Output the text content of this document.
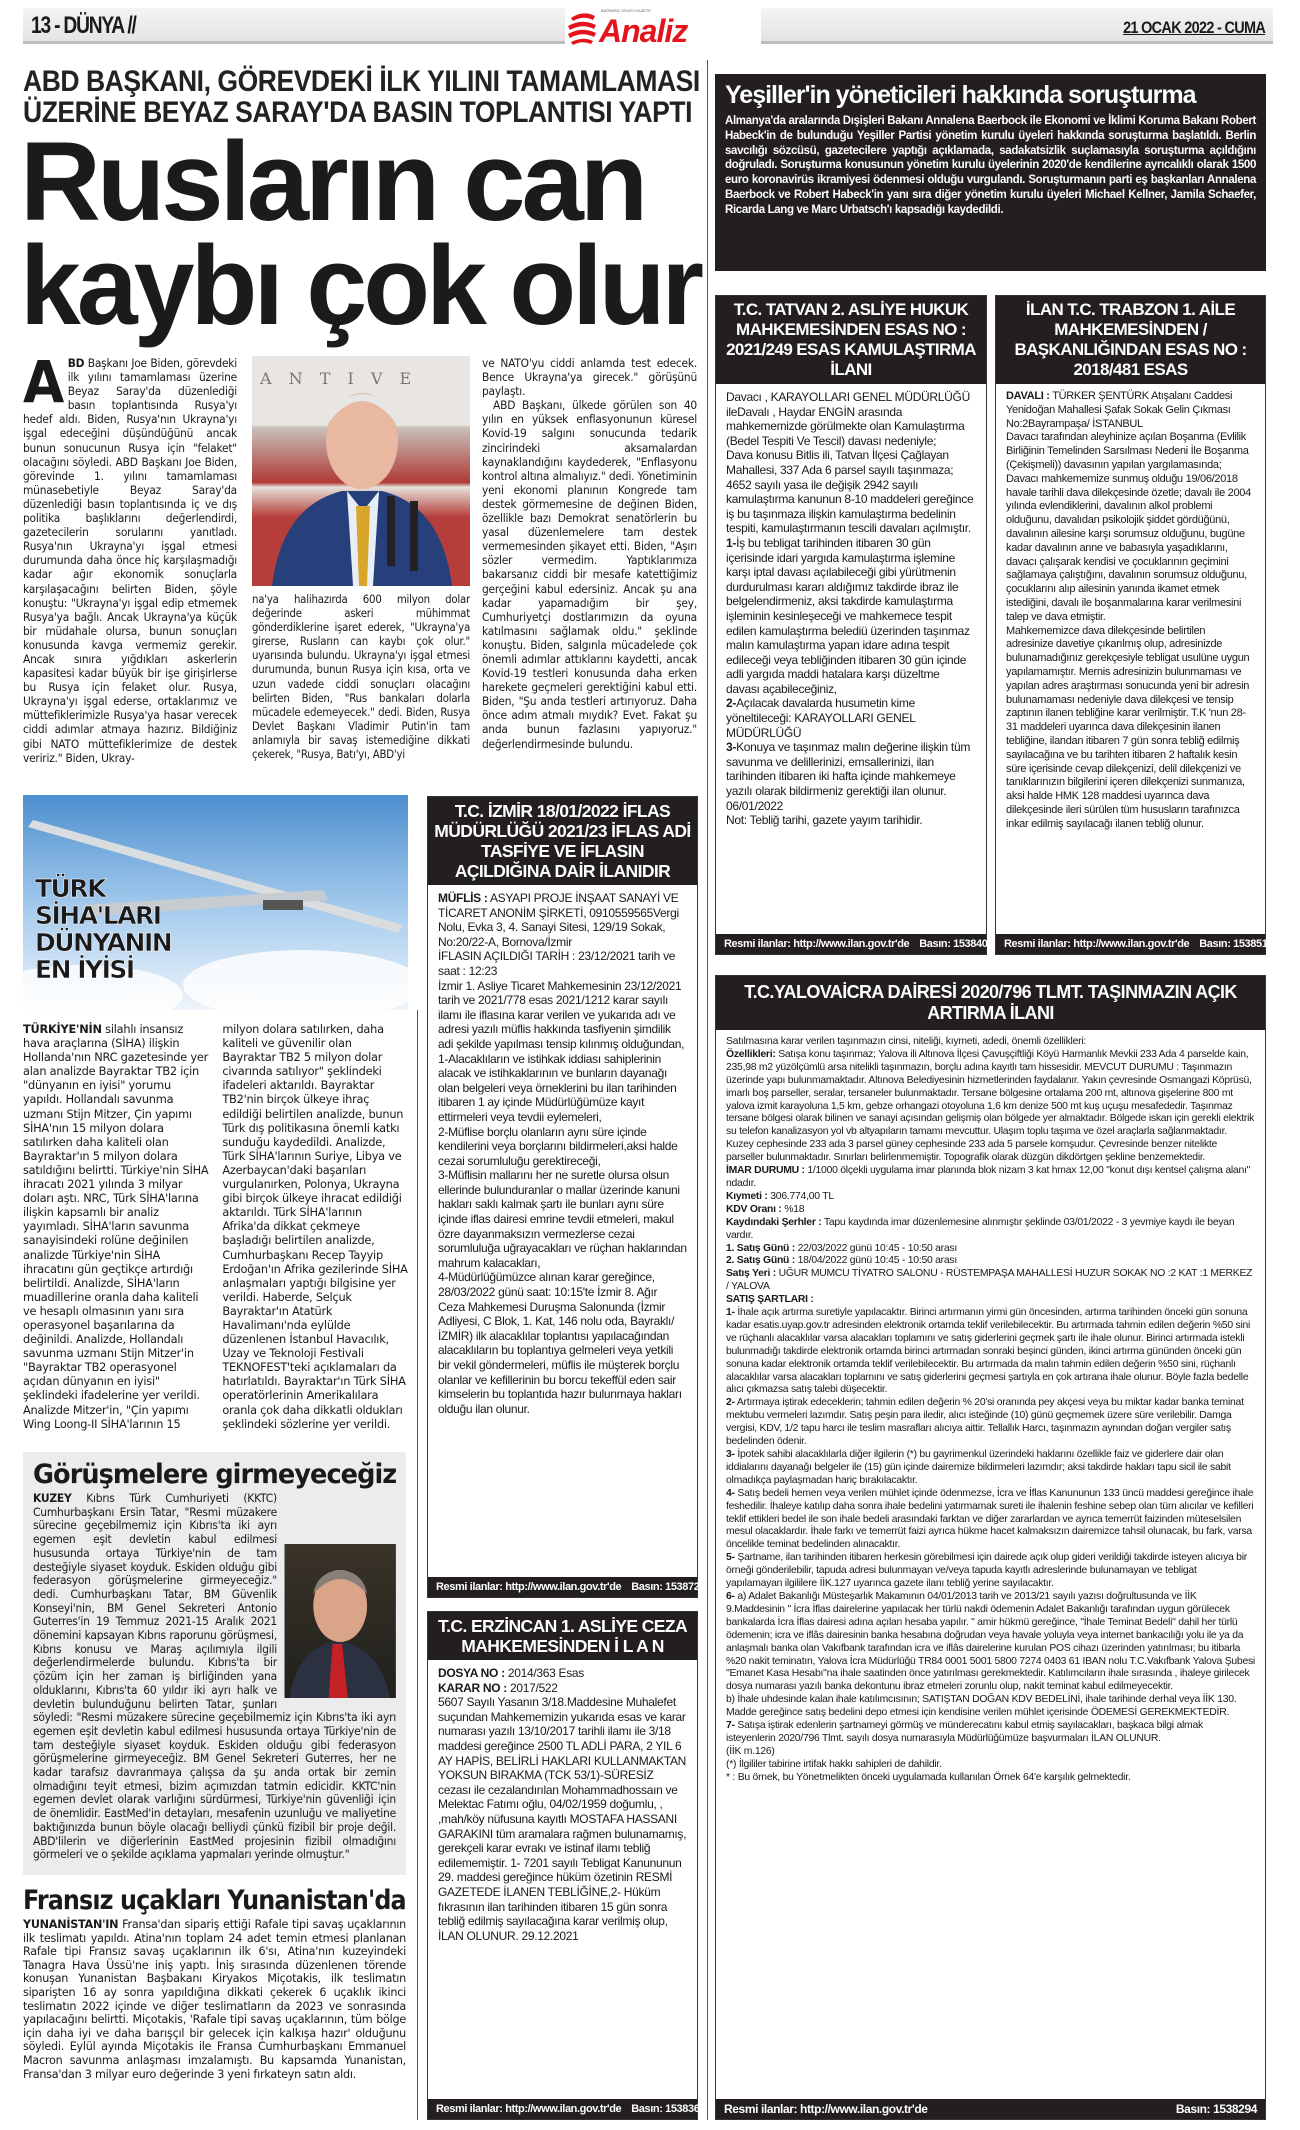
13 - DÜNYA //
BAĞIMSIZ SİYASİ GAZETE
Analiz	21 OCAK 2022 - CUMA
ABD BAŞKANI, GÖREVDEKİ İLK YILINI TAMAMLAMASI ÜZERİNE BEYAZ SARAY'DA BASIN TOPLANTISI YAPTI
Rusların can
kaybı çok olur
ABD Başkanı Joe Biden, görevdeki ilk yılını tamamlaması üzerine Beyaz Saray'da düzenlediği basın toplantısında Rusya'yı hedef aldı. Biden, Rusya'nın Ukrayna'yı işgal edeceğini düşündüğünü ancak bunun sonucunun Rusya için "felaket" olacağını söyledi. ABD Başkanı Joe Biden, görevinde 1. yılını tamamlaması münasebetiyle Beyaz Saray'da düzenlediği basın toplantısında iç ve dış politika başlıklarını değerlendirdi, gazetecilerin sorularını yanıtladı. Rusya'nın Ukrayna'yı işgal etmesi durumunda daha önce hiç karşılaşmadığı kadar ağır ekonomik sonuçlarla karşılaşacağını belirten Biden, şöyle konuştu: "Ukrayna'yı işgal edip etmemek Rusya'ya bağlı. Ancak Ukrayna'ya küçük bir müdahale olursa, bunun sonuçları konusunda kavga vermemiz gerekir. Ancak sınıra yığdıkları askerlerin kapasitesi kadar büyük bir işe girişirlerse bu Rusya için felaket olur. Rusya, Ukrayna'yı işgal ederse, ortaklarımız ve müttefiklerimizle Rusya'ya hasar verecek ciddi adımlar atmaya hazırız. Bildiğiniz gibi NATO müttefiklerimize de destek veririz." Biden, Ukray-
A N T I V E
na'ya halihazırda 600 milyon dolar değerinde askeri mühimmat gönderdiklerine işaret ederek, "Ukrayna'ya girerse, Rusların can kaybı çok olur." uyarısında bulundu. Ukrayna'yı işgal etmesi durumunda, bunun Rusya için kısa, orta ve uzun vadede ciddi sonuçları olacağını belirten Biden, "Rus bankaları dolarla mücadele edemeyecek." dedi. Biden, Rusya Devlet Başkanı Vladimir Putin'in tam anlamıyla bir savaş istemediğine dikkati çekerek, "Rusya, Batı'yı, ABD'yi

ve NATO'yu ciddi anlamda test edecek. Bence Ukrayna'ya girecek." görüşünü paylaştı.

ABD Başkanı, ülkede görülen son 40 yılın en yüksek enflasyonunun küresel Kovid-19 salgını sonucunda tedarik zincirindeki aksamalardan kaynaklandığını kaydederek, "Enflasyonu kontrol altına almalıyız." dedi. Yönetiminin yeni ekonomi planının Kongrede tam destek görmemesine de değinen Biden, özellikle bazı Demokrat senatörlerin bu yasal düzenlemelere tam destek vermemesinden şikayet etti. Biden, "Aşırı sözler vermedim. Yaptıklarımıza bakarsanız ciddi bir mesafe katettiğimiz gerçeğini kabul edersiniz. Ancak şu ana kadar yapamadığım bir şey, Cumhuriyetçi dostlarımızın da oyuna katılmasını sağlamak oldu." şeklinde konuştu. Biden, salgınla mücadelede çok önemli adımlar attıklarını kaydetti, ancak Kovid-19 testleri konusunda daha erken harekete geçmeleri gerektiğini kabul etti. Biden, "Şu anda testleri artırıyoruz. Daha önce adım atmalı mıydık? Evet. Fakat şu anda bunun fazlasını yapıyoruz." değerlendirmesinde bulundu.

TÜRK
SİHA'LARI
DÜNYANIN
EN İYİSİ
TÜRKİYE'NİN silahlı insansız hava araçlarına (SİHA) ilişkin Hollanda'nın NRC gazetesinde yer alan analizde Bayraktar TB2 için "dünyanın en iyisi" yorumu yapıldı. Hollandalı savunma uzmanı Stijn Mitzer, Çin yapımı SİHA'nın 15 milyon dolara satılırken daha kaliteli olan Bayraktar'ın 5 milyon dolara satıldığını belirtti. Türkiye'nin SİHA ihracatı 2021 yılında 3 milyar doları aştı. NRC, Türk SİHA'larına ilişkin kapsamlı bir analiz yayımladı. SİHA'ların savunma sanayisindeki rolüne değinilen analizde Türkiye'nin SİHA ihracatını gün geçtikçe artırdığı belirtildi. Analizde, SİHA'ların muadillerine oranla daha kaliteli ve hesaplı olmasının yanı sıra operasyonel başarılarına da değinildi. Analizde, Hollandalı savunma uzmanı Stijn Mitzer'in "Bayraktar TB2 operasyonel açıdan dünyanın en iyisi" şeklindeki ifadelerine yer verildi. Analizde Mitzer'in, "Çin yapımı Wing Loong-II SİHA'larının 15 milyon dolara satılırken, daha kaliteli ve güvenilir olan Bayraktar TB2 5 milyon dolar civarında satılıyor" şeklindeki ifadeleri aktarıldı. Bayraktar TB2'nin birçok ülkeye ihraç edildiği belirtilen analizde, bunun Türk dış politikasına önemli katkı sunduğu kaydedildi. Analizde, Türk SİHA'larının Suriye, Libya ve Azerbaycan'daki başarıları vurgulanırken, Polonya, Ukrayna gibi birçok ülkeye ihracat edildiği aktarıldı. Türk SİHA'larının Afrika'da dikkat çekmeye başladığı belirtilen analizde, Cumhurbaşkanı Recep Tayyip Erdoğan'ın Afrika gezilerinde SİHA anlaşmaları yaptığı bilgisine yer verildi. Haberde, Selçuk Bayraktar'ın Atatürk Havalimanı'nda eylülde düzenlenen İstanbul Havacılık, Uzay ve Teknoloji Festivali TEKNOFEST'teki açıklamaları da hatırlatıldı. Bayraktar'ın Türk SİHA operatörlerinin Amerikalılara oranla çok daha dikkatli oldukları şeklindeki sözlerine yer verildi.
Görüşmelere girmeyeceğiz
KUZEY Kıbrıs Türk Cumhuriyeti (KKTC) Cumhurbaşkanı Ersin Tatar, "Resmi müzakere sürecine geçebilmemiz için Kıbrıs'ta iki ayrı egemen eşit devletin kabul edilmesi hususunda ortaya Türkiye'nin de tam desteğiyle siyaset koyduk. Eskiden olduğu gibi federasyon görüşmelerine girmeyeceğiz." dedi. Cumhurbaşkanı Tatar, BM Güvenlik Konseyi'nin, BM Genel Sekreteri Antonio Guterres'in 19 Temmuz 2021-15 Aralık 2021 dönemini kapsayan Kıbrıs raporunu görüşmesi, Kıbrıs konusu ve Maraş açılımıyla ilgili değerlendirmelerde bulundu. Kıbrıs'ta bir çözüm için her zaman iş birliğinden yana olduklarını, Kıbrıs'ta 60 yıldır iki ayrı halk ve devletin bulunduğunu belirten Tatar, şunları söyledi: "Resmi müzakere sürecine geçebilmemiz için Kıbrıs'ta iki ayrı egemen eşit devletin kabul edilmesi hususunda ortaya Türkiye'nin de tam desteğiyle siyaset koyduk. Eskiden olduğu gibi federasyon görüşmelerine girmeyeceğiz. BM Genel Sekreteri Guterres, her ne kadar tarafsız davranmaya çalışsa da şu anda ortak bir zemin olmadığını teyit etmesi, bizim açımızdan tatmin edicidir. KKTC'nin egemen devlet olarak varlığını sürdürmesi, Türkiye'nin güvenliği için de önemlidir. EastMed'in detayları, mesafenin uzunluğu ve maliyetine baktığınızda bunun böyle olacağı belliydi çünkü fizibil bir proje değil. ABD'lilerin ve diğerlerinin EastMed projesinin fizibil olmadığını görmeleri ve o şekilde açıklama yapmaları yerinde olmuştur."
Fransız uçakları Yunanistan'da
YUNANİSTAN'IN Fransa'dan sipariş ettiği Rafale tipi savaş uçaklarının ilk teslimatı yapıldı. Atina'nın toplam 24 adet temin etmesi planlanan Rafale tipi Fransız savaş uçaklarının ilk 6'sı, Atina'nın kuzeyindeki Tanagra Hava Üssü'ne iniş yaptı. İniş sırasında düzenlenen törende konuşan Yunanistan Başbakanı Kiryakos Miçotakis, ilk teslimatın siparişten 16 ay sonra yapıldığına dikkati çekerek 6 uçaklık ikinci teslimatın 2022 içinde ve diğer teslimatların da 2023 ve sonrasında yapılacağını belirtti. Miçotakis, 'Rafale tipi savaş uçaklarının, tüm bölge için daha iyi ve daha barışçıl bir gelecek için kalkışa hazır' olduğunu söyledi. Eylül ayında Miçotakis ile Fransa Cumhurbaşkanı Emmanuel Macron savunma anlaşması imzalamıştı. Bu kapsamda Yunanistan, Fransa'dan 3 milyar euro değerinde 3 yeni fırkateyn satın aldı.
Yeşiller'in yöneticileri hakkında soruşturma
Almanya'da aralarında Dışişleri Bakanı Annalena Baerbock ile Ekonomi ve İklimi Koruma Bakanı Robert Habeck'in de bulunduğu Yeşiller Partisi yönetim kurulu üyeleri hakkında soruşturma başlatıldı. Berlin savcılığı sözcüsü, gazetecilere yaptığı açıklamada, sadakatsizlik suçlamasıyla soruşturma açıldığını doğruladı. Soruşturma konusunun yönetim kurulu üyelerinin 2020'de kendilerine ayrıcalıklı olarak 1500 euro koronavirüs ikramiyesi ödenmesi olduğu vurgulandı. Soruşturmanın parti eş başkanları Annalena Baerbock ve Robert Habeck'in yanı sıra diğer yönetim kurulu üyeleri Michael Kellner, Jamila Schaefer, Ricarda Lang ve Marc Urbatsch'ı kapsadığı kaydedildi.
T.C. TATVAN 2. ASLİYE HUKUK MAHKEMESİNDEN ESAS NO : 2021/249 ESAS KAMULAŞTIRMA İLANI

Davacı , KARAYOLLARI GENEL MÜDÜRLÜĞÜ ileDavalı , Haydar ENGİN arasında mahkememizde görülmekte olan Kamulaştırma (Bedel Tespiti Ve Tescil) davası nedeniyle;

Dava konusu Bitlis ili, Tatvan İlçesi Çağlayan Mahallesi, 337 Ada 6 parsel sayılı taşınmaza; 4652 sayılı yasa ile değişik 2942 sayılı kamulaştırma kanunun 8-10 maddeleri gereğince iş bu taşınmaza ilişkin kamulaştırma bedelinin tespiti, kamulaştırmanın tescili davaları açılmıştır.

1-İş bu tebligat tarihinden itibaren 30 gün içerisinde idari yargıda kamulaştırma işlemine karşı iptal davası açılabileceği gibi yürütmenin durdurulması kararı aldığımız takdirde ibraz ile belgelendirmeniz, aksi takdirde kamulaştırma işleminin kesinleşeceği ve mahkemece tespit edilen kamulaştırma belediü üzerinden taşınmaz malın kamulaştırma yapan idare adına tespit edileceği veya tebliğinden itibaren 30 gün içinde adli yargıda maddi hatalara karşı düzeltme davası açabileceğiniz,

2-Açılacak davalarda husumetin kime yöneltileceği: KARAYOLLARI GENEL MÜDÜRLÜĞÜ

3-Konuya ve taşınmaz malın değerine ilişkin tüm savunma ve delillerinizi, emsallerinizi, ilan tarihinden itibaren iki hafta içinde mahkemeye yazılı olarak bildirmeniz gerektiği ilan olunur. 06/01/2022

Not: Tebliğ tarihi, gazete yayım tarihidir.

Resmi ilanlar: http://www.ilan.gov.tr'de Basın: 1538401
İLAN T.C. TRABZON 1. AİLE MAHKEMESİNDEN / BAŞKANLIĞINDAN ESAS NO : 2018/481 ESAS

DAVALI : TÜRKER ŞENTÜRK Atışalanı Caddesi Yenidoğan Mahallesi Şafak Sokak Gelin Çıkması No:2Bayrampaşa/ İSTANBUL

Davacı tarafından aleyhinize açılan Boşanma (Evlilik Birliğinin Temelinden Sarsılması Nedeni İle Boşanma (Çekişmeli)) davasının yapılan yargılamasında;

Davacı mahkememize sunmuş olduğu 19/06/2018 havale tarihli dava dilekçesinde özetle; davalı ile 2004 yılında evlendiklerini, davalının alkol problemi olduğunu, davalıdan psikolojik şiddet gördüğünü, davalının ailesine karşı sorumsuz olduğunu, bugüne kadar davalının anne ve babasıyla yaşadıklarını, davacı çalışarak kendisi ve çocuklarının geçimini sağlamaya çalıştığını, davalının sorumsuz olduğunu, çocuklarını alıp ailesinin yanında ikamet etmek istediğini, davalı ile boşanmalarına karar verilmesini talep ve dava etmiştir.

Mahkememizce dava dilekçesinde belirtilen adresinize davetiye çıkarılmış olup, adresinizde bulunamadığınız gerekçesiyle tebligat usulüne uygun yapılamamıştır. Mernis adresinizin bulunmaması ve yapılan adres araştırması sonucunda yeni bir adresin bulunamaması nedeniyle dava dilekçesi ve tensip zaptının ilanen tebliğine karar verilmiştir. T.K 'nun 28-31 maddeleri uyarınca dava dilekçesinin ilanen tebliğine, ilandan itibaren 7 gün sonra tebliğ edilmiş sayılacağına ve bu tarihten itibaren 2 haftalık kesin süre içerisinde cevap dilekçenizi, delil dilekçenizi ve tanıklarınızın bilgilerini içeren dilekçenizi sunmanıza, aksi halde HMK 128 maddesi uyarınca dava dilekçesinde ileri sürülen tüm hususların tarafınızca inkar edilmiş sayılacağı ilanen tebliğ olunur.

Resmi ilanlar: http://www.ilan.gov.tr'de Basın: 1538513
T.C. İZMİR 18/01/2022 İFLAS MÜDÜRLÜĞÜ 2021/23 İFLAS ADİ TASFİYE VE İFLASIN AÇILDIĞINA DAİR İLANIDIR

MÜFLİS : ASYAPI PROJE İNŞAAT SANAYİ VE TİCARET ANONİM ŞİRKETİ, 0910559565Vergi Nolu, Evka 3, 4. Sanayi Sitesi, 129/19 Sokak, No:20/22-A, Bornova/İzmir

İFLASIN AÇILDIĞI TARİH : 23/12/2021 tarih ve saat : 12:23

İzmir 1. Asliye Ticaret Mahkemesinin 23/12/2021 tarih ve 2021/778 esas 2021/1212 karar sayılı ilamı ile iflasına karar verilen ve yukarıda adı ve adresi yazılı müflis hakkında tasfiyenin şimdilik adi şekilde yapılması tensip kılınmış olduğundan,

1-Alacaklıların ve istihkak iddiası sahiplerinin alacak ve istihkaklarının ve bunların dayanağı olan belgeleri veya örneklerini bu ilan tarihinden itibaren 1 ay içinde Müdürlüğümüze kayıt ettirmeleri veya tevdii eylemeleri,

2-Müflise borçlu olanların aynı süre içinde kendilerini veya borçlarını bildirmeleri,aksi halde cezai sorumluluğu gerektireceği,

3-Müflisin mallarını her ne suretle olursa olsun ellerinde bulunduranlar o mallar üzerinde kanuni hakları saklı kalmak şartı ile bunları aynı süre içinde iflas dairesi emrine tevdii etmeleri, makul özre dayanmaksızın vermezlerse cezai sorumluluğa uğrayacakları ve rüçhan haklarından mahrum kalacakları,

4-Müdürlüğümüzce alınan karar gereğince, 28/03/2022 günü saat: 10:15'te İzmir 8. Ağır Ceza Mahkemesi Duruşma Salonunda (İzmir Adliyesi, C Blok, 1. Kat, 146 nolu oda, Bayraklı/İZMİR) ilk alacaklılar toplantısı yapılacağından alacaklıların bu toplantıya gelmeleri veya yetkili bir vekil göndermeleri, müflis ile müşterek borçlu olanlar ve kefillerinin bu borcu tekeffül eden sair kimselerin bu toplantıda hazır bulunmaya hakları olduğu ilan olunur.

Resmi ilanlar: http://www.ilan.gov.tr'de Basın: 1538724
T.C. ERZİNCAN 1. ASLİYE CEZA MAHKEMESİNDEN İ L A N

DOSYA NO : 2014/363 Esas

KARAR NO : 2017/522

5607 Sayılı Yasanın 3/18.Maddesine Muhalefet suçundan Mahkememizin yukarıda esas ve karar numarası yazılı 13/10/2017 tarihli ilamı ile 3/18 maddesi gereğince 2500 TL ADLİ PARA, 2 YIL 6 AY HAPİS, BELİRLİ HAKLARI KULLANMAKTAN YOKSUN BIRAKMA (TCK 53/1)-SÜRESİZ cezası ile cezalandırılan Mohammadhossaın ve Melektac Fatımı oğlu, 04/02/1959 doğumlu, , ,mah/köy nüfusuna kayıtlı MOSTAFA HASSANI GARAKINI tüm aramalara rağmen bulunamamış, gerekçeli karar evrakı ve istinaf ilamı tebliğ edilememiştir. 1- 7201 sayılı Tebligat Kanununun 29. maddesi gereğince hüküm özetinin RESMİ GAZETEDE İLANEN TEBLİĞİNE,2- Hüküm fıkrasının ilan tarihinden itibaren 15 gün sonra tebliğ edilmiş sayılacağına karar verilmiş olup, İLAN OLUNUR. 29.12.2021

Resmi ilanlar: http://www.ilan.gov.tr'de Basın: 1538361
T.C.YALOVAİCRA DAİRESİ 2020/796 TLMT. TAŞINMAZIN AÇIK ARTIRMA İLANI

Satılmasına karar verilen taşınmazın cinsi, niteliği, kıymeti, adedi, önemli özellikleri:

Özellikleri: Satışa konu taşınmaz; Yalova ili Altınova İlçesi Çavuşçiftliği Köyü Harmanlık Mevkii 233 Ada 4 parselde kain, 235,98 m2 yüzölçümlü arsa nitelikli taşınmazın, borçlu adına kayıtlı tam hissesidir. MEVCUT DURUMU : Taşınmazın üzerinde yapı bulunmamaktadır. Altınova Belediyesinin hizmetlerinden faydalanır. Yakın çevresinde Osmangazi Köprüsü, imarlı boş parseller, seralar, tersaneler bulunmaktadır. Tersane bölgesine ortalama 200 mt, altınova gişelerine 800 mt yalova izmit karayoluna 1,5 km, gebze orhangazi otoyoluna 1,6 km denize 500 mt kuş uçuşu mesafededir. Taşınmaz tersane bölgesi olarak bilinen ve sanayi açısından gelişmiş olan bölgede yer almaktadır. Bölgede iskan için gerekli elektrik su telefon kanalizasyon yol vb altyapıların tamamı mevcuttur. Ulaşım toplu taşıma ve özel araçlarla sağlanmaktadır. Kuzey cephesinde 233 ada 3 parsel güney cephesinde 233 ada 5 parsele komşudur. Çevresinde benzer nitelikte parseller bulunmaktadır. Sınırları belirlenmemiştir. Topografik olarak düzgün dikdörtgen şekline benzemektedir.

İMAR DURUMU : 1/1000 ölçekli uygulama imar planında blok nizam 3 kat hmax 12,00 "konut dışı kentsel çalışma alanı" ndadır.

Kıymeti : 306.774,00 TL

KDV Oranı : %18

Kaydındaki Şerhler : Tapu kaydında imar düzenlemesine alınmıştır şeklinde 03/01/2022 - 3 yevmiye kaydı ile beyan vardır.

1. Satış Günü : 22/03/2022 günü 10:45 - 10:50 arası

2. Satış Günü : 18/04/2022 günü 10:45 - 10:50 arası

Satış Yeri : UĞUR MUMCU TİYATRO SALONU - RÜSTEMPAŞA MAHALLESİ HUZUR SOKAK NO :2 KAT :1 MERKEZ / YALOVA

SATIŞ ŞARTLARI :

1- İhale açık artırma suretiyle yapılacaktır. Birinci artırmanın yirmi gün öncesinden, artırma tarihinden önceki gün sonuna kadar esatis.uyap.gov.tr adresinden elektronik ortamda teklif verilebilecektir. Bu artırmada tahmin edilen değerin %50 sini ve rüçhanlı alacaklılar varsa alacakları toplamını ve satış giderlerini geçmek şartı ile ihale olunur. Birinci artırmada istekli bulunmadığı takdirde elektronik ortamda birinci artırmadan sonraki beşinci günden, ikinci artırma gününden önceki gün sonuna kadar elektronik ortamda teklif verilebilecektir. Bu artırmada da malın tahmin edilen değerin %50 sini, rüçhanlı alacaklılar varsa alacakları toplamını ve satış giderlerini geçmesi şartıyla en çok artırana ihale olunur. Böyle fazla bedelle alıcı çıkmazsa satış talebi düşecektir.

2- Artırmaya iştirak edeceklerin; tahmin edilen değerin % 20'si oranında pey akçesi veya bu miktar kadar banka teminat mektubu vermeleri lazımdır. Satış peşin para iledir, alıcı isteğinde (10) günü geçmemek üzere süre verilebilir. Damga vergisi, KDV, 1/2 tapu harcı ile teslim masrafları alıcıya aittir. Tellallık Harcı, taşınmazın aynından doğan vergiler satış bedelinden ödenir.

3- İpotek sahibi alacaklılarla diğer ilgilerin (*) bu gayrimenkul üzerindeki haklarını özellikle faiz ve giderlere dair olan iddialarını dayanağı belgeler ile (15) gün içinde dairemize bildirmeleri lazımdır; aksi takdirde hakları tapu sicil ile sabit olmadıkça paylaşmadan hariç bırakılacaktır.

4- Satış bedeli hemen veya verilen mühlet içinde ödenmezse, İcra ve İflas Kanununun 133 üncü maddesi gereğince ihale feshedilir. İhaleye katılıp daha sonra ihale bedelini yatırmamak sureti ile ihalenin feshine sebep olan tüm alıcılar ve kefilleri teklif ettikleri bedel ile son ihale bedeli arasındaki farktan ve diğer zararlardan ve ayrıca temerrüt faizinden müteselsilen mesul olacaklardır. İhale farkı ve temerrüt faizi ayrıca hükme hacet kalmaksızın dairemizce tahsil olunacak, bu fark, varsa öncelikle teminat bedelinden alınacaktır.

5- Şartname, ilan tarihinden itibaren herkesin görebilmesi için dairede açık olup gideri verildiği takdirde isteyen alıcıya bir örneği gönderilebilir, tapuda adresi bulunmayan ve/veya tapuda kayıtlı adreslerinde bulunamayan ve tebligat yapılamayan ilgililere İİK.127 uyarınca gazete ilanı tebliğ yerine sayılacaktır.

6- a) Adalet Bakanlığı Müsteşarlık Makamının 04/01/2013 tarih ve 2013/21 sayılı yazısı doğrultusunda ve İİK 9.Maddesinin " İcra İflas dairelerine yapılacak her türlü nakdi ödemenin Adalet Bakanlığı tarafından uygun görülecek bankalarda İcra İflas dairesi adına açılan hesaba yapılır. " amir hükmü gereğince, "İhale Teminat Bedeli" dahil her türlü ödemenin; icra ve iflâs dairesinin banka hesabına doğrudan veya havale yoluyla veya internet bankacılığı yolu ile ya da anlaşmalı banka olan Vakıfbank tarafından icra ve iflâs dairelerine kurulan POS cihazı üzerinden yatırılması; bu itibarla %20 nakit teminatın, Yalova İcra Müdürlüğü TR84 0001 5001 5800 7274 0403 61 IBAN nolu T.C.Vakıfbank Yalova Şubesi "Emanet Kasa Hesabı"na ihale saatinden önce yatırılması gerekmektedir. Katılımcıların ihale sırasında , ihaleye girilecek dosya numarası yazılı banka dekontunu ibraz etmeleri zorunlu olup, nakit teminat kabul edilmeyecektir.

b) İhale uhdesinde kalan ihale katılımcısının; SATIŞTAN DOĞAN KDV BEDELİNİ, ihale tarihinde derhal veya İİK 130. Madde gereğince satış bedelini depo etmesi için kendisine verilen mühlet içerisinde ÖDEMESİ GEREKMEKTEDİR.

7- Satışa iştirak edenlerin şartnameyi görmüş ve münderecatını kabul etmiş sayılacakları, başkaca bilgi almak isteyenlerin 2020/796 Tlmt. sayılı dosya numarasıyla Müdürlüğümüze başvurmaları İLAN OLUNUR.

(İİK m.126)

(*) İlgililer tabirine irtifak hakkı sahipleri de dahildir.

* : Bu örnek, bu Yönetmelikten önceki uygulamada kullanılan Örnek 64'e karşılık gelmektedir.

Resmi ilanlar: http://www.ilan.gov.tr'de	Basın: 1538294
